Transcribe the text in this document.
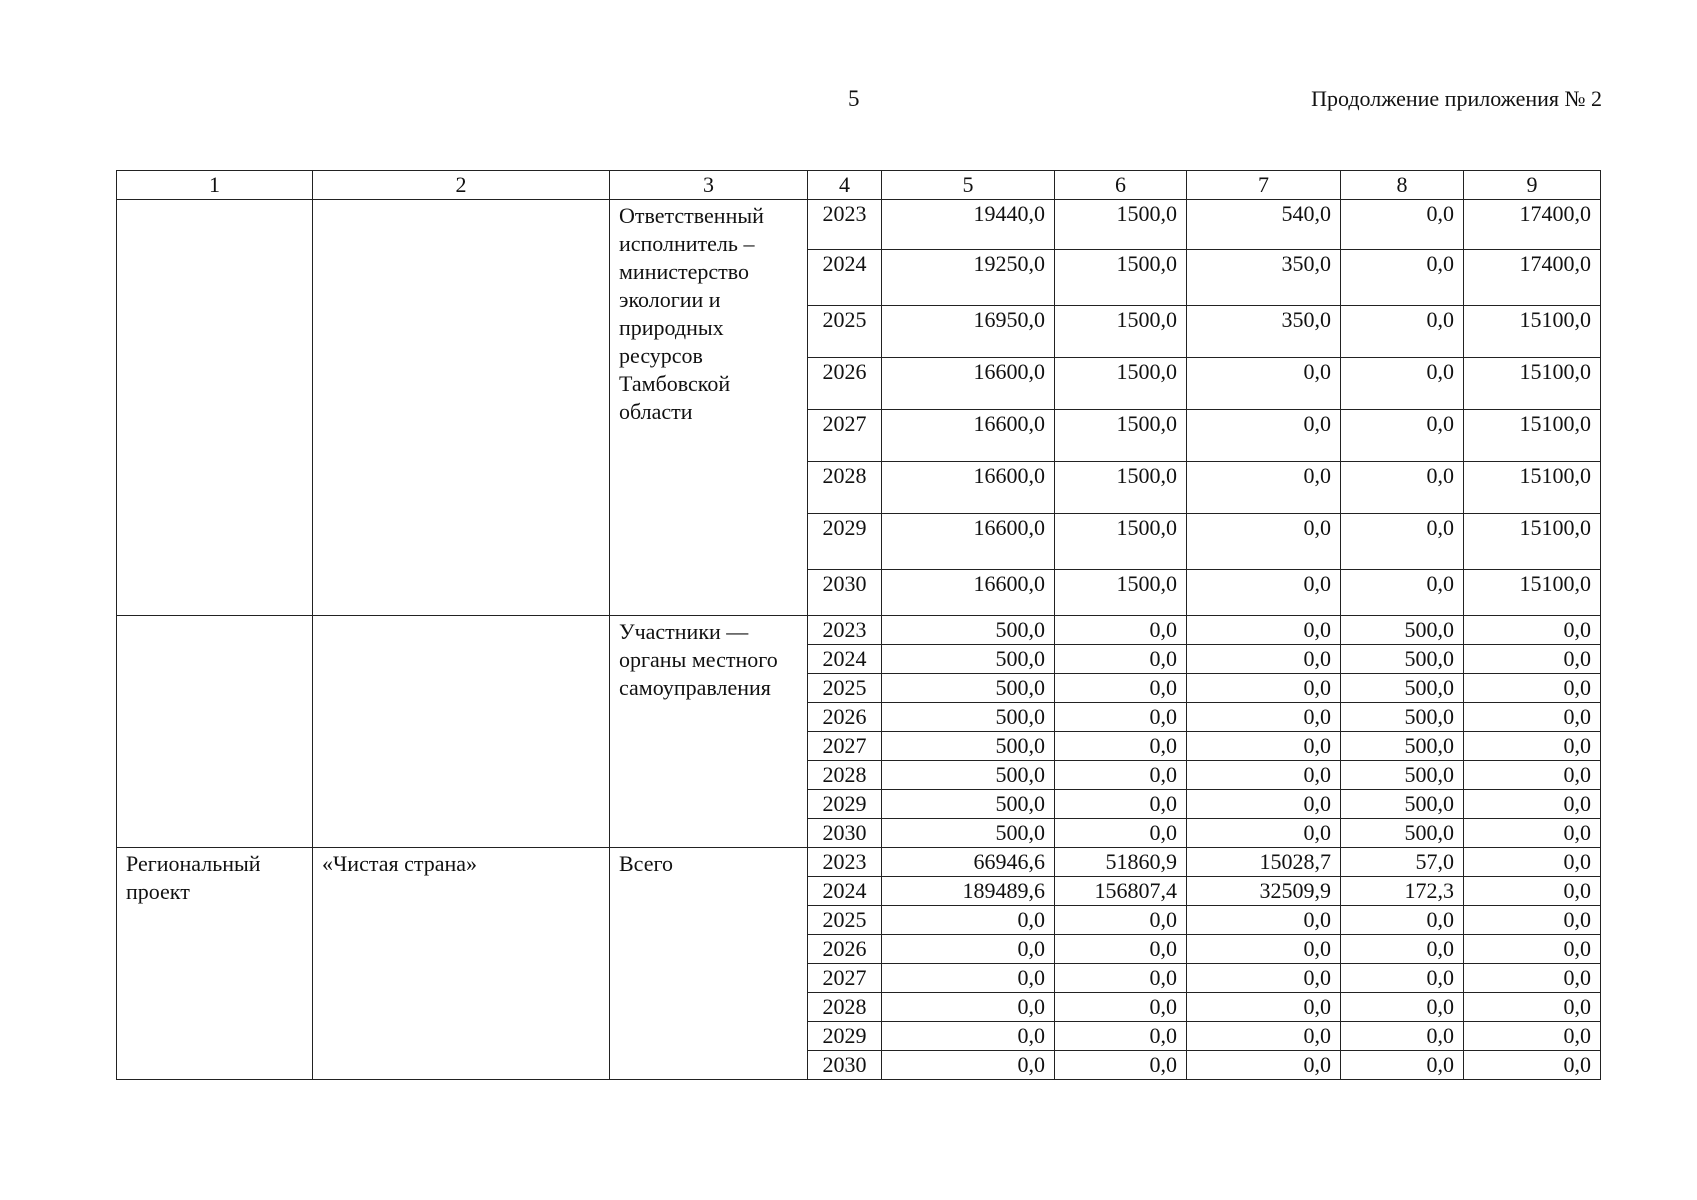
5	Продолжение приложения № 2
1	2	3	4	5	6	7	8	9
		Ответственный исполнитель – министерство экологии и природных ресурсов Тамбовской области	2023	19440,0	1500,0	540,0	0,0	17400,0
			2024	19250,0	1500,0	350,0	0,0	17400,0
			2025	16950,0	1500,0	350,0	0,0	15100,0
			2026	16600,0	1500,0	0,0	0,0	15100,0
			2027	16600,0	1500,0	0,0	0,0	15100,0
			2028	16600,0	1500,0	0,0	0,0	15100,0
			2029	16600,0	1500,0	0,0	0,0	15100,0
			2030	16600,0	1500,0	0,0	0,0	15100,0
		Участники — органы местного самоуправления	2023	500,0	0,0	0,0	500,0	0,0
			2024	500,0	0,0	0,0	500,0	0,0
			2025	500,0	0,0	0,0	500,0	0,0
			2026	500,0	0,0	0,0	500,0	0,0
			2027	500,0	0,0	0,0	500,0	0,0
			2028	500,0	0,0	0,0	500,0	0,0
			2029	500,0	0,0	0,0	500,0	0,0
			2030	500,0	0,0	0,0	500,0	0,0
Региональный проект	«Чистая страна»	Всего	2023	66946,6	51860,9	15028,7	57,0	0,0
			2024	189489,6	156807,4	32509,9	172,3	0,0
			2025	0,0	0,0	0,0	0,0	0,0
			2026	0,0	0,0	0,0	0,0	0,0
			2027	0,0	0,0	0,0	0,0	0,0
			2028	0,0	0,0	0,0	0,0	0,0
			2029	0,0	0,0	0,0	0,0	0,0
			2030	0,0	0,0	0,0	0,0	0,0
